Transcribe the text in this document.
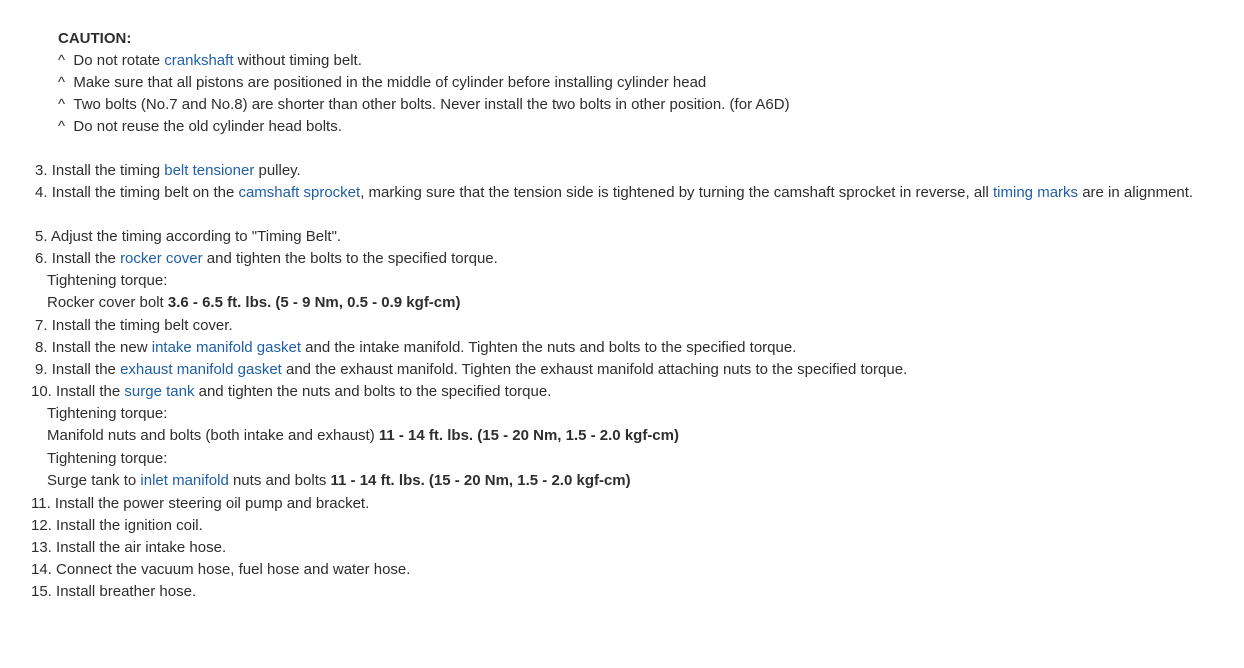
CAUTION:
^ Do not rotate crankshaft without timing belt.
^ Make sure that all pistons are positioned in the middle of cylinder before installing cylinder head
^ Two bolts (No.7 and No.8) are shorter than other bolts. Never install the two bolts in other position. (for A6D)
^ Do not reuse the old cylinder head bolts.
3. Install the timing belt tensioner pulley.
4. Install the timing belt on the camshaft sprocket, marking sure that the tension side is tightened by turning the camshaft sprocket in reverse, all timing marks are in alignment.
5. Adjust the timing according to "Timing Belt".
6. Install the rocker cover and tighten the bolts to the specified torque.
Tightening torque:
Rocker cover bolt 3.6 - 6.5 ft. lbs. (5 - 9 Nm, 0.5 - 0.9 kgf-cm)
7. Install the timing belt cover.
8. Install the new intake manifold gasket and the intake manifold. Tighten the nuts and bolts to the specified torque.
9. Install the exhaust manifold gasket and the exhaust manifold. Tighten the exhaust manifold attaching nuts to the specified torque.
10. Install the surge tank and tighten the nuts and bolts to the specified torque.
Tightening torque:
Manifold nuts and bolts (both intake and exhaust) 11 - 14 ft. lbs. (15 - 20 Nm, 1.5 - 2.0 kgf-cm)
Tightening torque:
Surge tank to inlet manifold nuts and bolts 11 - 14 ft. lbs. (15 - 20 Nm, 1.5 - 2.0 kgf-cm)
11. Install the power steering oil pump and bracket.
12. Install the ignition coil.
13. Install the air intake hose.
14. Connect the vacuum hose, fuel hose and water hose.
15. Install breather hose.
